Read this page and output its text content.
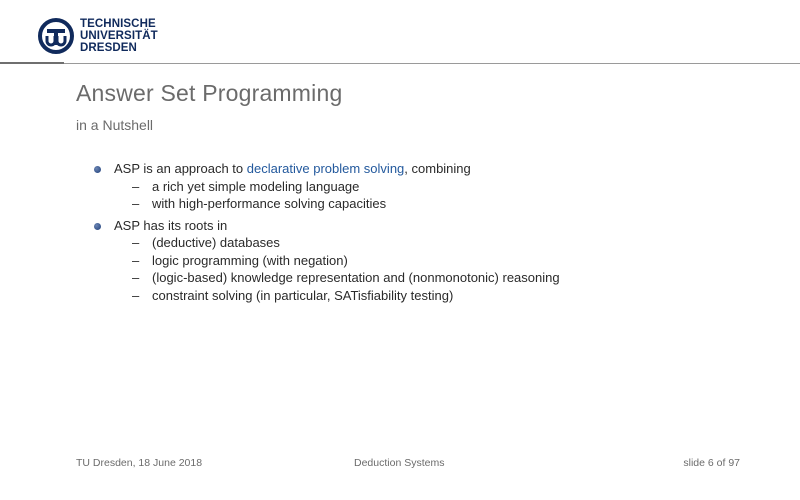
TECHNISCHE
UNIVERSITÄT
DRESDEN
Answer Set Programming
in a Nutshell
ASP is an approach to declarative problem solving, combining
– a rich yet simple modeling language
– with high-performance solving capacities
ASP has its roots in
– (deductive) databases
– logic programming (with negation)
– (logic-based) knowledge representation and (nonmonotonic) reasoning
– constraint solving (in particular, SATisfiability testing)
TU Dresden, 18 June 2018	Deduction Systems	slide 6 of 97
